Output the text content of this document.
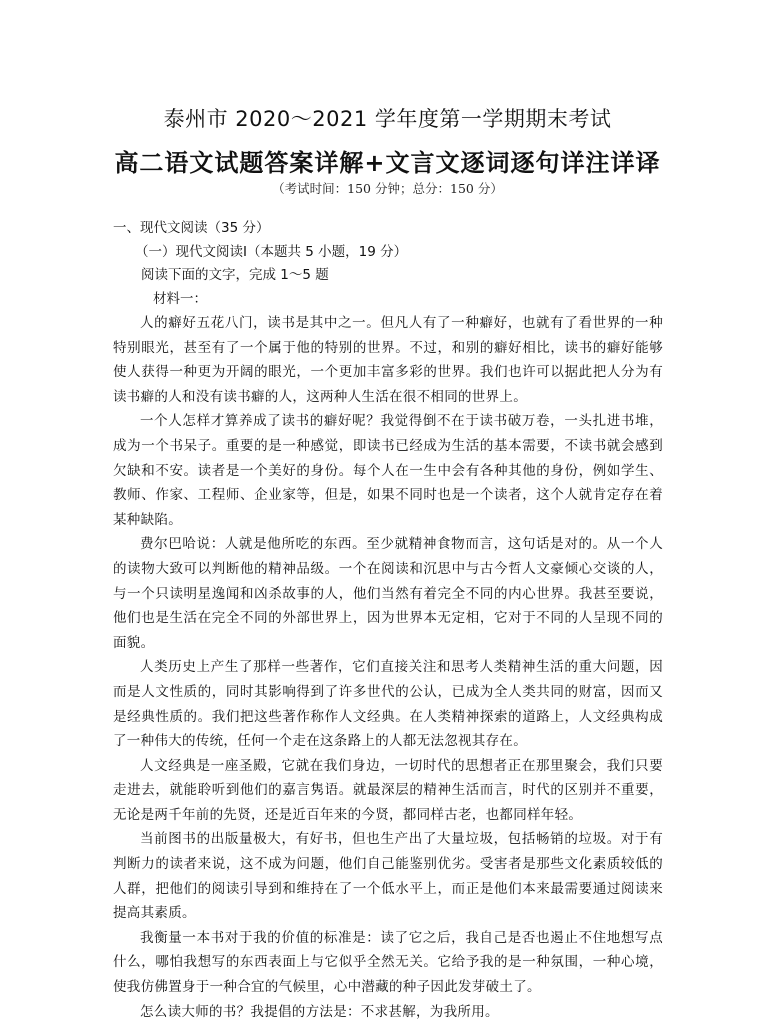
泰州市 2020～2021 学年度第一学期期末考试
高二语文试题答案详解+文言文逐词逐句详注详译
（考试时间：150 分钟；总分：150 分）
一、现代文阅读（35 分）
（一）现代文阅读Ⅰ（本题共 5 小题，19 分）
阅读下面的文字，完成 1～5 题
材料一：

人的癖好五花八门，读书是其中之一。但凡人有了一种癖好，也就有了看世界的一种特别眼光，甚至有了一个属于他的特别的世界。不过，和别的癖好相比，读书的癖好能够使人获得一种更为开阔的眼光，一个更加丰富多彩的世界。我们也许可以据此把人分为有读书癖的人和没有读书癖的人，这两种人生活在很不相同的世界上。

一个人怎样才算养成了读书的癖好呢？我觉得倒不在于读书破万卷，一头扎进书堆，成为一个书呆子。重要的是一种感觉，即读书已经成为生活的基本需要，不读书就会感到欠缺和不安。读者是一个美好的身份。每个人在一生中会有各种其他的身份，例如学生、教师、作家、工程师、企业家等，但是，如果不同时也是一个读者，这个人就肯定存在着某种缺陷。

费尔巴哈说：人就是他所吃的东西。至少就精神食物而言，这句话是对的。从一个人的读物大致可以判断他的精神品级。一个在阅读和沉思中与古今哲人文豪倾心交谈的人，与一个只读明星逸闻和凶杀故事的人，他们当然有着完全不同的内心世界。我甚至要说，他们也是生活在完全不同的外部世界上，因为世界本无定相，它对于不同的人呈现不同的面貌。

人类历史上产生了那样一些著作，它们直接关注和思考人类精神生活的重大问题，因而是人文性质的，同时其影响得到了许多世代的公认，已成为全人类共同的财富，因而又是经典性质的。我们把这些著作称作人文经典。在人类精神探索的道路上，人文经典构成了一种伟大的传统，任何一个走在这条路上的人都无法忽视其存在。

人文经典是一座圣殿，它就在我们身边，一切时代的思想者正在那里聚会，我们只要走进去，就能聆听到他们的嘉言隽语。就最深层的精神生活而言，时代的区别并不重要，无论是两千年前的先贤，还是近百年来的今贤，都同样古老，也都同样年轻。

当前图书的出版量极大，有好书，但也生产出了大量垃圾，包括畅销的垃圾。对于有判断力的读者来说，这不成为问题，他们自己能鉴别优劣。受害者是那些文化素质较低的人群，把他们的阅读引导到和维持在了一个低水平上，而正是他们本来最需要通过阅读来提高其素质。

我衡量一本书对于我的价值的标准是：读了它之后，我自己是否也遏止不住地想写点什么，哪怕我想写的东西表面上与它似乎全然无关。它给予我的是一种氛围，一种心境，使我仿佛置身于一种合宜的气候里，心中潜藏的种子因此发芽破土了。

怎么读大师的书？我提倡的方法是：不求甚解，为我所用。
